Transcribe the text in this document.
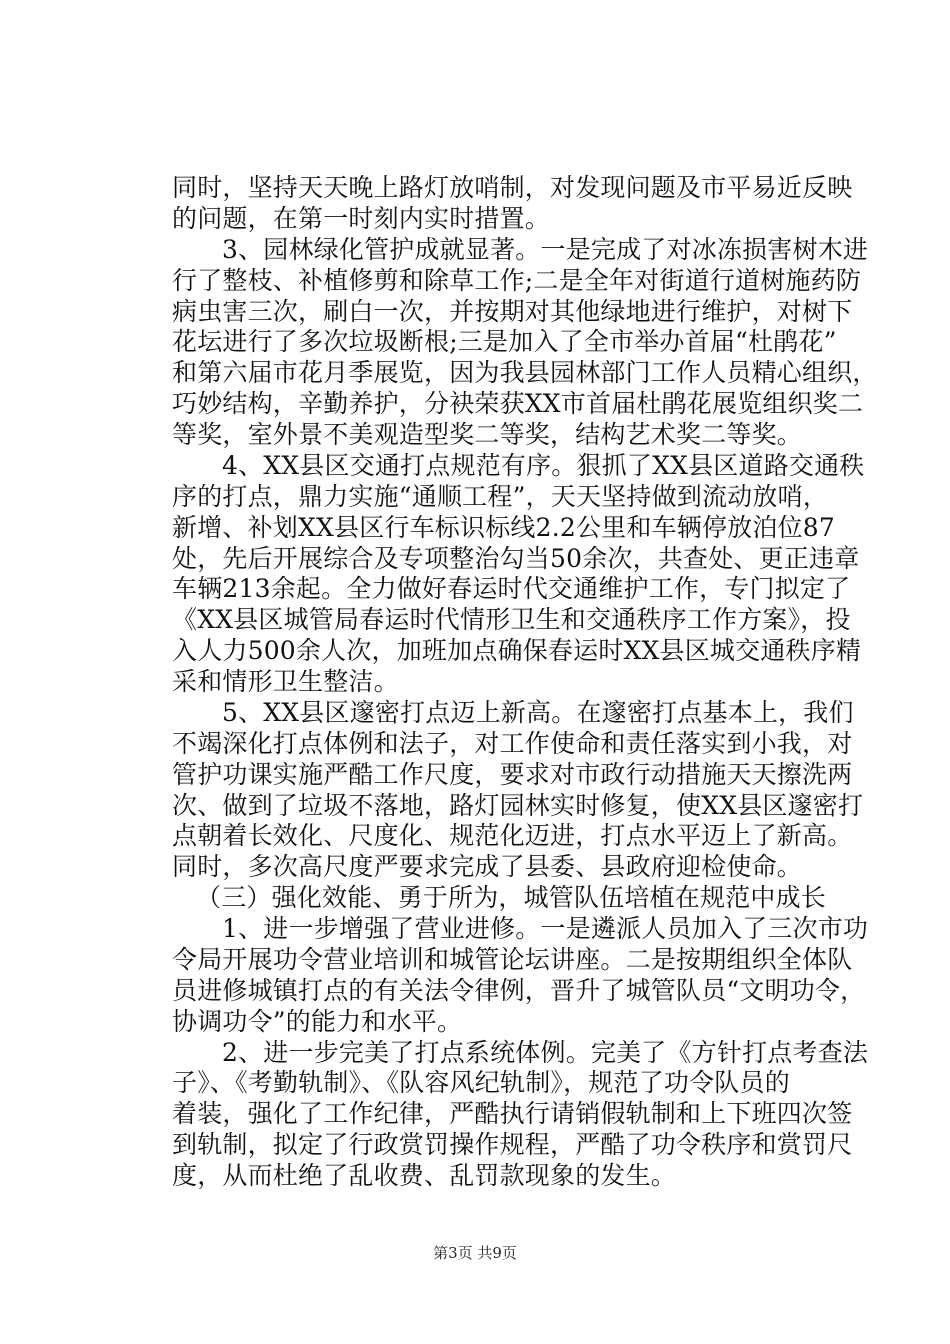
同时，坚持天天晚上路灯放哨制，对发现问题及市平易近反映
的问题，在第一时刻内实时措置。
3、园林绿化管护成就显著。一是完成了对冰冻损害树木进
行了整枝、补植修剪和除草工作;二是全年对街道行道树施药防
病虫害三次，刷白一次，并按期对其他绿地进行维护，对树下
花坛进行了多次垃圾断根;三是加入了全市举办首届“杜鹃花”
和第六届市花月季展览，因为我县园林部门工作人员精心组织，
巧妙结构，辛勤养护，分袂荣获XX市首届杜鹃花展览组织奖二
等奖，室外景不美观造型奖二等奖，结构艺术奖二等奖。
4、XX县区交通打点规范有序。狠抓了XX县区道路交通秩
序的打点，鼎力实施“通顺工程”，天天坚持做到流动放哨，
新增、补划XX县区行车标识标线2.2公里和车辆停放泊位87
处，先后开展综合及专项整治勾当50余次，共查处、更正违章
车辆213余起。全力做好春运时代交通维护工作，专门拟定了
《XX县区城管局春运时代情形卫生和交通秩序工作方案》，投
入人力500余人次，加班加点确保春运时XX县区城交通秩序精
采和情形卫生整洁。
5、XX县区邃密打点迈上新高。在邃密打点基本上，我们
不竭深化打点体例和法子，对工作使命和责任落实到小我，对
管护功课实施严酷工作尺度，要求对市政行动措施天天擦洗两
次、做到了垃圾不落地，路灯园林实时修复，使XX县区邃密打
点朝着长效化、尺度化、规范化迈进，打点水平迈上了新高。
同时，多次高尺度严要求完成了县委、县政府迎检使命。
（三）强化效能、勇于所为，城管队伍培植在规范中成长
1、进一步增强了营业进修。一是遴派人员加入了三次市功
令局开展功令营业培训和城管论坛讲座。二是按期组织全体队
员进修城镇打点的有关法令律例，晋升了城管队员“文明功令，
协调功令”的能力和水平。
2、进一步完美了打点系统体例。完美了《方针打点考查法
子》、《考勤轨制》、《队容风纪轨制》，规范了功令队员的
着装，强化了工作纪律，严酷执行请销假轨制和上下班四次签
到轨制，拟定了行政赏罚操作规程，严酷了功令秩序和赏罚尺
度，从而杜绝了乱收费、乱罚款现象的发生。
第3页 共9页
